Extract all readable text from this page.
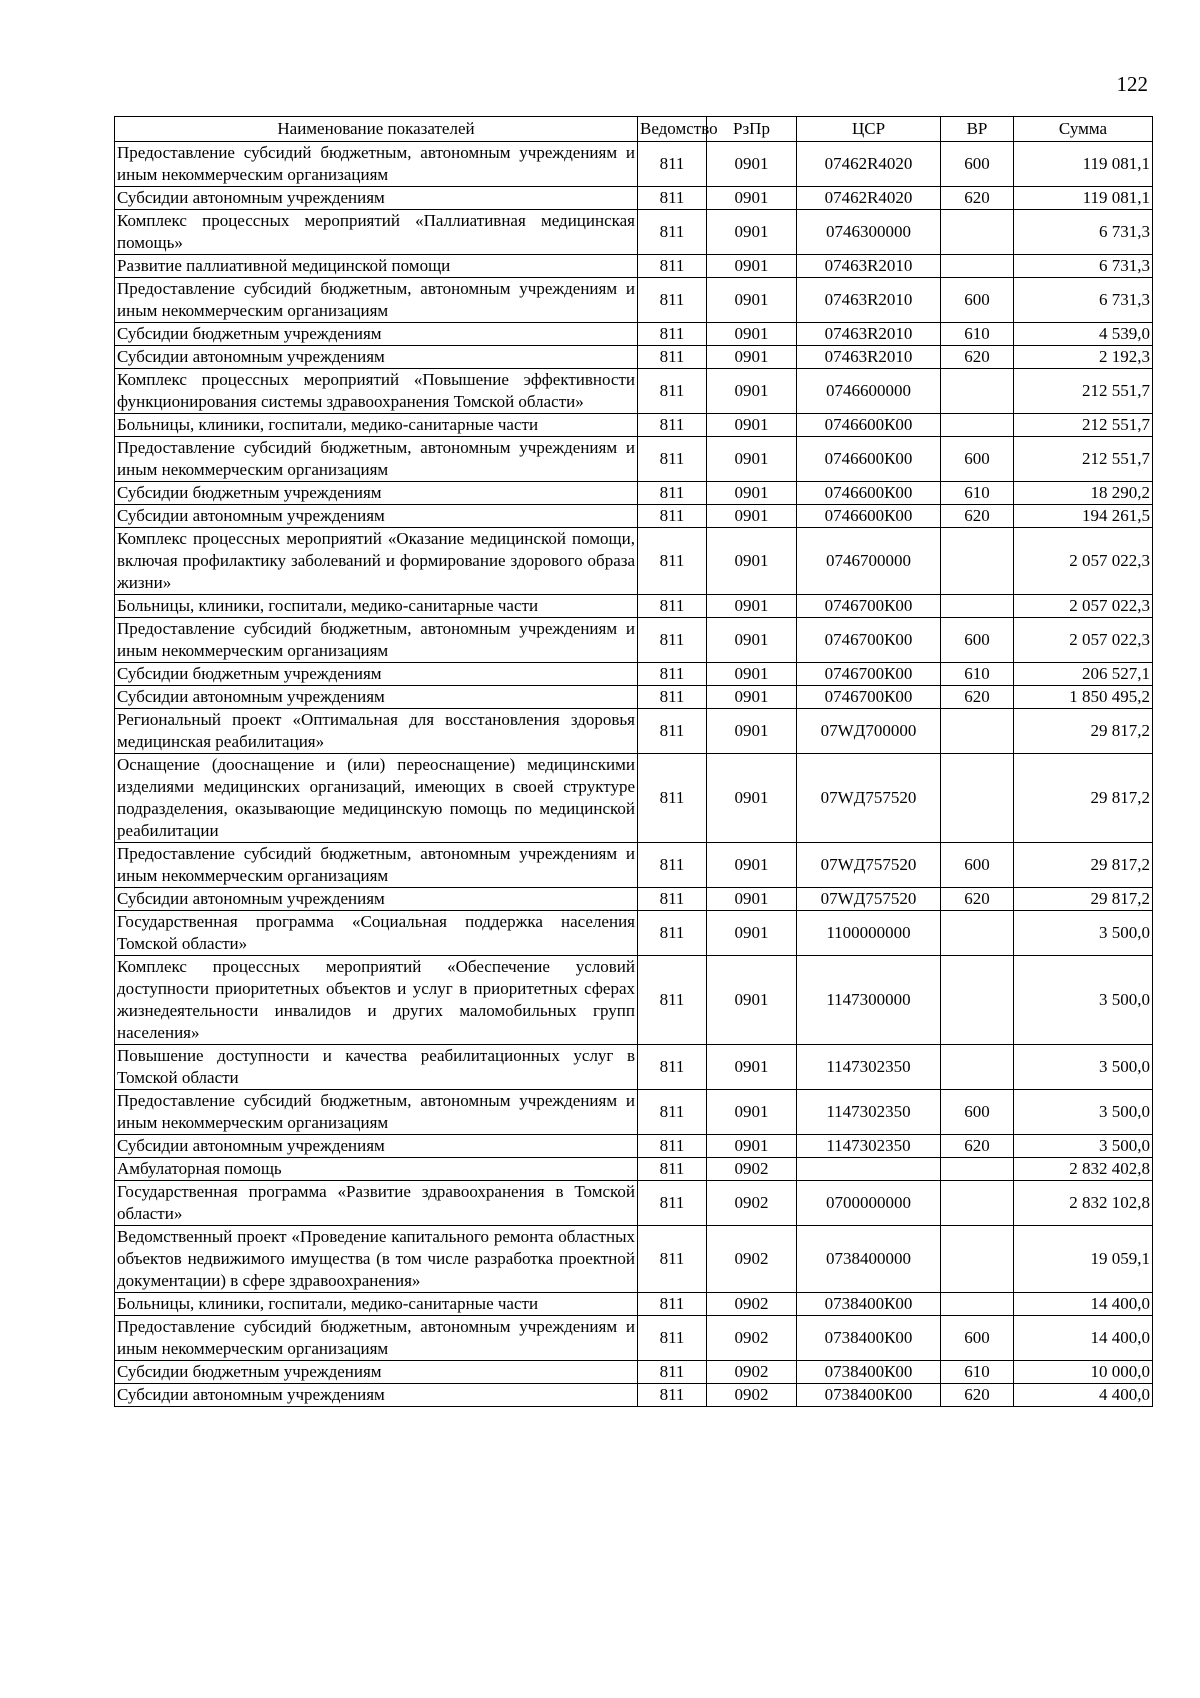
122
Наименование показателей	Ведомство	РзПр	ЦСР	ВР	Сумма
Предоставление субсидий бюджетным, автономным учреждениям и иным некоммерческим организациям	811	0901	07462R4020	600	119 081,1
Субсидии автономным учреждениям	811	0901	07462R4020	620	119 081,1
Комплекс процессных мероприятий «Паллиативная медицинская помощь»	811	0901	0746300000		6 731,3
Развитие паллиативной медицинской помощи	811	0901	07463R2010		6 731,3
Предоставление субсидий бюджетным, автономным учреждениям и иным некоммерческим организациям	811	0901	07463R2010	600	6 731,3
Субсидии бюджетным учреждениям	811	0901	07463R2010	610	4 539,0
Субсидии автономным учреждениям	811	0901	07463R2010	620	2 192,3
Комплекс процессных мероприятий «Повышение эффективности функционирования системы здравоохранения Томской области»	811	0901	0746600000		212 551,7
Больницы, клиники, госпитали, медико-санитарные части	811	0901	0746600К00		212 551,7
Предоставление субсидий бюджетным, автономным учреждениям и иным некоммерческим организациям	811	0901	0746600К00	600	212 551,7
Субсидии бюджетным учреждениям	811	0901	0746600К00	610	18 290,2
Субсидии автономным учреждениям	811	0901	0746600К00	620	194 261,5
Комплекс процессных мероприятий «Оказание медицинской помощи, включая профилактику заболеваний и формирование здорового образа жизни»	811	0901	0746700000		2 057 022,3
Больницы, клиники, госпитали, медико-санитарные части	811	0901	0746700К00		2 057 022,3
Предоставление субсидий бюджетным, автономным учреждениям и иным некоммерческим организациям	811	0901	0746700К00	600	2 057 022,3
Субсидии бюджетным учреждениям	811	0901	0746700К00	610	206 527,1
Субсидии автономным учреждениям	811	0901	0746700К00	620	1 850 495,2
Региональный проект «Оптимальная для восстановления здоровья медицинская реабилитация»	811	0901	07WД700000		29 817,2
Оснащение (дооснащение и (или) переоснащение) медицинскими изделиями медицинских организаций, имеющих в своей структуре подразделения, оказывающие медицинскую помощь по медицинской реабилитации	811	0901	07WД757520		29 817,2
Предоставление субсидий бюджетным, автономным учреждениям и иным некоммерческим организациям	811	0901	07WД757520	600	29 817,2
Субсидии автономным учреждениям	811	0901	07WД757520	620	29 817,2
Государственная программа «Социальная поддержка населения Томской области»	811	0901	1100000000		3 500,0
Комплекс процессных мероприятий «Обеспечение условий доступности приоритетных объектов и услуг в приоритетных сферах жизнедеятельности инвалидов и других маломобильных групп населения»	811	0901	1147300000		3 500,0
Повышение доступности и качества реабилитационных услуг в Томской области	811	0901	1147302350		3 500,0
Предоставление субсидий бюджетным, автономным учреждениям и иным некоммерческим организациям	811	0901	1147302350	600	3 500,0
Субсидии автономным учреждениям	811	0901	1147302350	620	3 500,0
Амбулаторная помощь	811	0902			2 832 402,8
Государственная программа «Развитие здравоохранения в Томской области»	811	0902	0700000000		2 832 102,8
Ведомственный проект «Проведение капитального ремонта областных объектов недвижимого имущества (в том числе разработка проектной документации) в сфере здравоохранения»	811	0902	0738400000		19 059,1
Больницы, клиники, госпитали, медико-санитарные части	811	0902	0738400К00		14 400,0
Предоставление субсидий бюджетным, автономным учреждениям и иным некоммерческим организациям	811	0902	0738400К00	600	14 400,0
Субсидии бюджетным учреждениям	811	0902	0738400К00	610	10 000,0
Субсидии автономным учреждениям	811	0902	0738400К00	620	4 400,0
